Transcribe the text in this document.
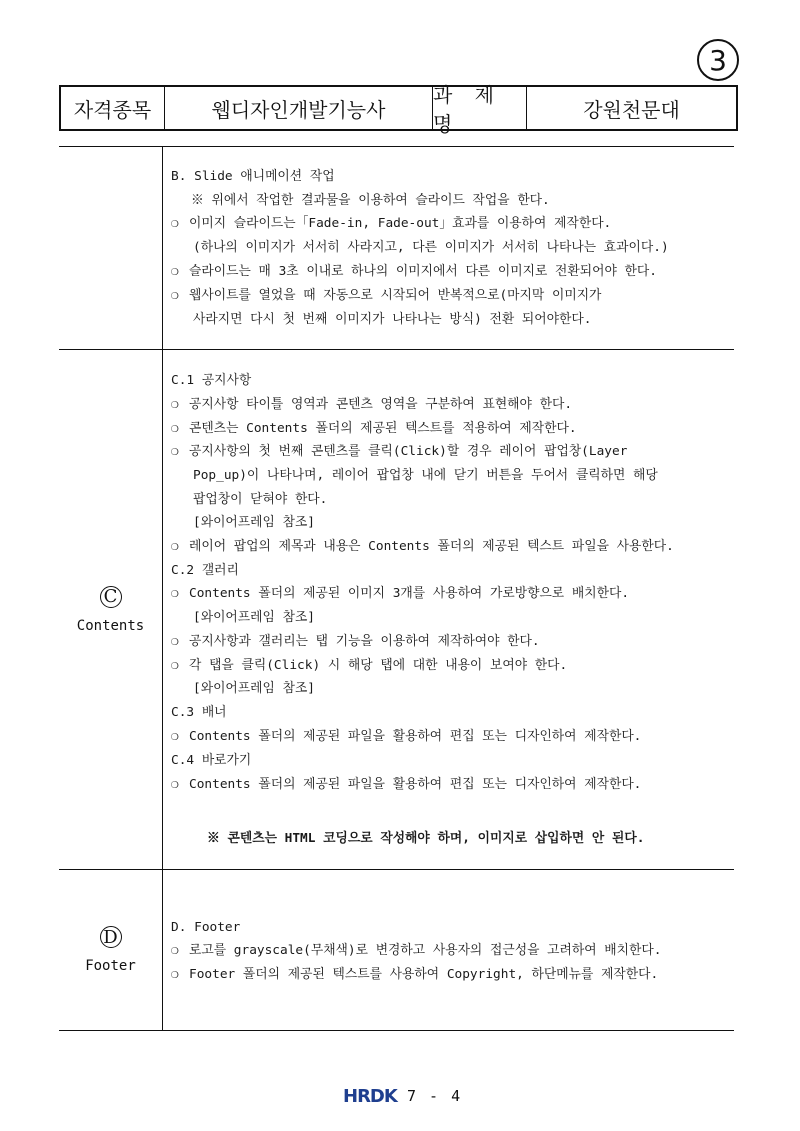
3
자격종목	웹디자인개발기능사
과 제 명
강원천문대
B. Slide 애니메이션 작업
※ 위에서 작업한 결과물을 이용하여 슬라이드 작업을 한다.
❍ 이미지 슬라이드는「Fade-in, Fade-out」효과를 이용하여 제작한다.
(하나의 이미지가 서서히 사라지고, 다른 이미지가 서서히 나타나는 효과이다.)
❍ 슬라이드는 매 3초 이내로 하나의 이미지에서 다른 이미지로 전환되어야 한다.
❍ 웹사이트를 열었을 때 자동으로 시작되어 반복적으로(마지막 이미지가
사라지면 다시 첫 번째 이미지가 나타나는 방식) 전환 되어야한다.
C
Contents
C.1 공지사항
❍ 공지사항 타이틀 영역과 콘텐츠 영역을 구분하여 표현해야 한다.
❍ 콘텐츠는 Contents 폴더의 제공된 텍스트를 적용하여 제작한다.
❍ 공지사항의 첫 번째 콘텐츠를 클릭(Click)할 경우 레이어 팝업창(Layer
Pop_up)이 나타나며, 레이어 팝업창 내에 닫기 버튼을 두어서 클릭하면 해당
팝업창이 닫혀야 한다.
[와이어프레임 참조]
❍ 레이어 팝업의 제목과 내용은 Contents 폴더의 제공된 텍스트 파일을 사용한다.
C.2 갤러리
❍ Contents 폴더의 제공된 이미지 3개를 사용하여 가로방향으로 배치한다.
[와이어프레임 참조]
❍ 공지사항과 갤러리는 탭 기능을 이용하여 제작하여야 한다.
❍ 각 탭을 클릭(Click) 시 해당 탭에 대한 내용이 보여야 한다.
[와이어프레임 참조]
C.3 배너
❍ Contents 폴더의 제공된 파일을 활용하여 편집 또는 디자인하여 제작한다.
C.4 바로가기
❍ Contents 폴더의 제공된 파일을 활용하여 편집 또는 디자인하여 제작한다.
※ 콘텐츠는 HTML 코딩으로 작성해야 하며, 이미지로 삽입하면 안 된다.
D
Footer
D. Footer
❍ 로고를 grayscale(무채색)로 변경하고 사용자의 접근성을 고려하여 배치한다.
❍ Footer 폴더의 제공된 텍스트를 사용하여 Copyright, 하단메뉴를 제작한다.
HRDK 7 - 4
